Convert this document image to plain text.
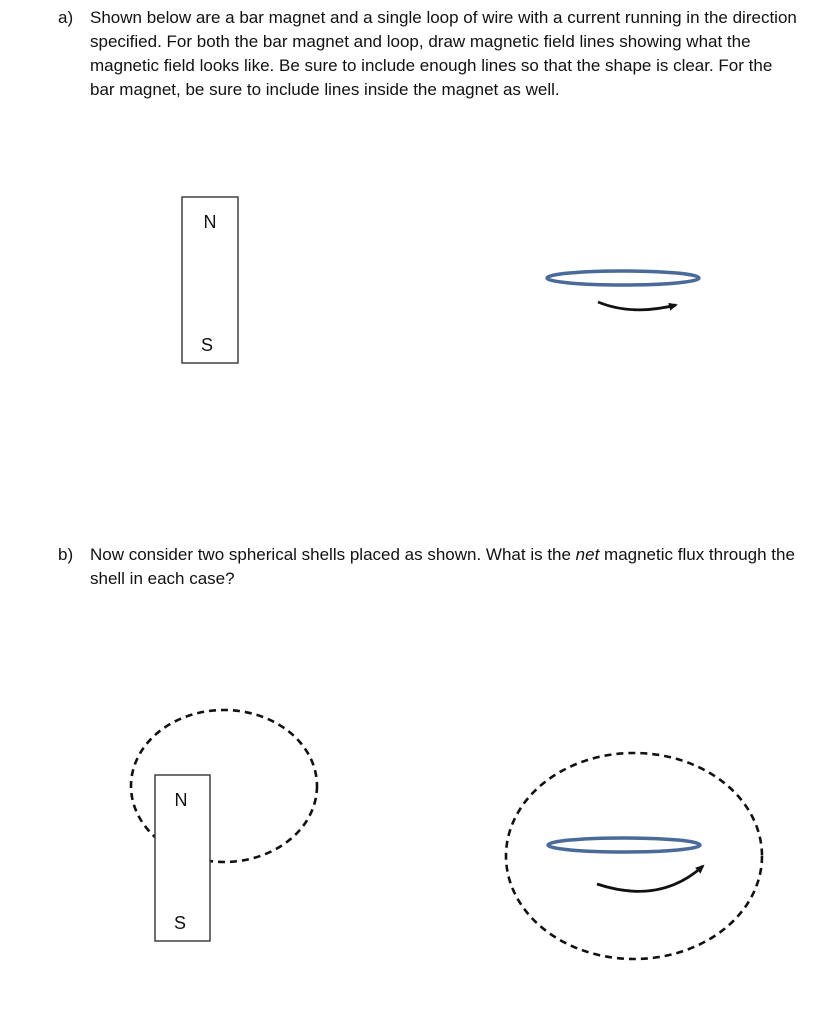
a) Shown below are a bar magnet and a single loop of wire with a current running in the direction specified. For both the bar magnet and loop, draw magnetic field lines showing what the magnetic field looks like. Be sure to include enough lines so that the shape is clear. For the bar magnet, be sure to include lines inside the magnet as well.
b) Now consider two spherical shells placed as shown. What is the net magnetic flux through the shell in each case?
N
S
N
S
